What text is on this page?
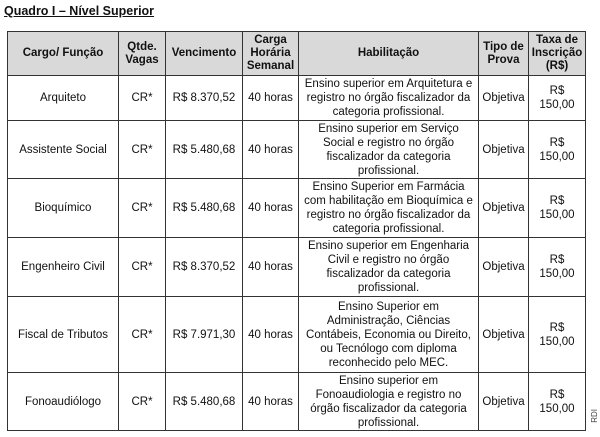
Quadro I – Nível Superior
Cargo/ Função	Qtde. Vagas	Vencimento	Carga Horária Semanal	Habilitação	Tipo de Prova	Taxa de Inscrição (R$)
Arquiteto	CR*	R$ 8.370,52	40 horas	Ensino superior em Arquitetura e registro no órgão fiscalizador da categoria profissional.	Objetiva	R$ 150,00
Assistente Social	CR*	R$ 5.480,68	40 horas	Ensino superior em Serviço Social e registro no órgão fiscalizador da categoria profissional.	Objetiva	R$ 150,00
Bioquímico	CR*	R$ 5.480,68	40 horas	Ensino Superior em Farmácia com habilitação em Bioquímica e registro no órgão fiscalizador da categoria profissional.	Objetiva	R$ 150,00
Engenheiro Civil	CR*	R$ 8.370,52	40 horas	Ensino superior em Engenharia Civil e registro no órgão fiscalizador da categoria profissional.	Objetiva	R$ 150,00
Fiscal de Tributos	CR*	R$ 7.971,30	40 horas	Ensino Superior em Administração, Ciências Contábeis, Economia ou Direito, ou Tecnólogo com diploma reconhecido pelo MEC.	Objetiva	R$ 150,00
Fonoaudiólogo	CR*	R$ 5.480,68	40 horas	Ensino superior em Fonoaudiologia e registro no órgão fiscalizador da categoria profissional.	Objetiva	R$ 150,00
RDI
